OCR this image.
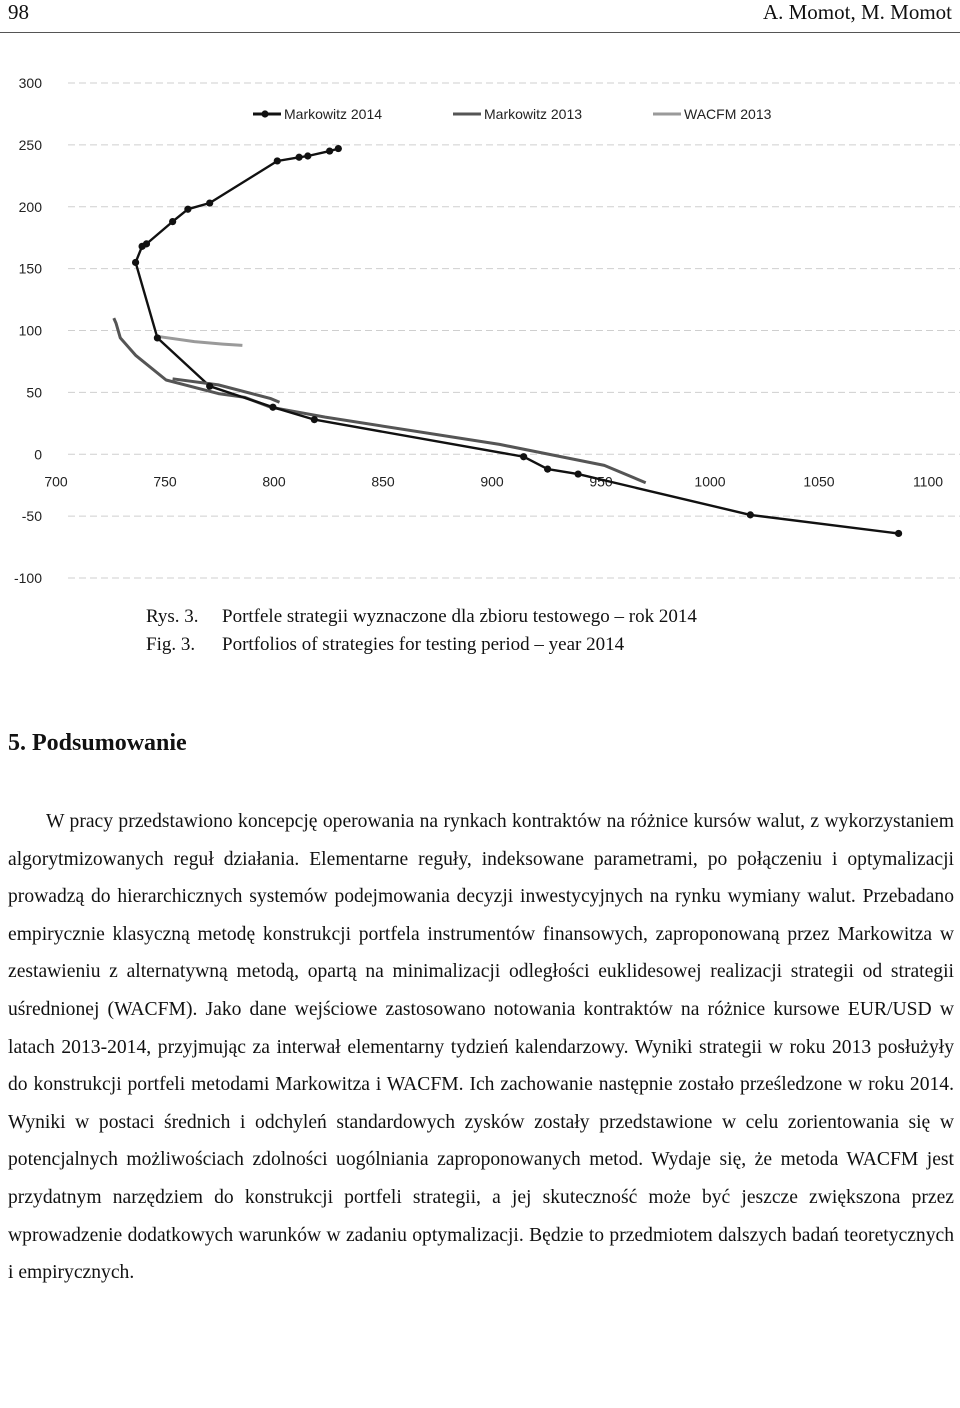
98	A. Momot, M. Momot
300
250
200
150
100
50
0
-50
-100
700	750	800	850	900	950	1000	1050	1100
Markowitz 2014	Markowitz 2013	WACFM 2013
Rys. 3. Portfele strategii wyznaczone dla zbioru testowego – rok 2014
Fig. 3. Portfolios of strategies for testing period – year 2014
5. Podsumowanie

W pracy przedstawiono koncepcję operowania na rynkach kontraktów na różnice kursów walut, z wykorzystaniem algorytmizowanych reguł działania. Elementarne reguły, indeksowane parametrami, po połączeniu i optymalizacji prowadzą do hierarchicznych systemów podejmowania decyzji inwestycyjnych na rynku wymiany walut. Przebadano empirycznie klasyczną metodę konstrukcji portfela instrumentów finansowych, zaproponowaną przez Markowitza w zestawieniu z alternatywną metodą, opartą na minimalizacji odległości euklidesowej realizacji strategii od strategii uśrednionej (WACFM). Jako dane wejściowe zastosowano notowania kontraktów na różnice kursowe EUR/USD w latach 2013-2014, przyjmując za interwał elementarny tydzień kalendarzowy. Wyniki strategii w roku 2013 posłużyły do konstrukcji portfeli metodami Markowitza i WACFM. Ich zachowanie następnie zostało prześledzone w roku 2014. Wyniki w postaci średnich i odchyleń standardowych zysków zostały przedstawione w celu zorientowania się w potencjalnych możliwościach zdolności uogólniania zaproponowanych metod. Wydaje się, że metoda WACFM jest przydatnym narzędziem do konstrukcji portfeli strategii, a jej skuteczność może być jeszcze zwiększona przez wprowadzenie dodatkowych warunków w zadaniu optymalizacji. Będzie to przedmiotem dalszych badań teoretycznych i empirycznych.
